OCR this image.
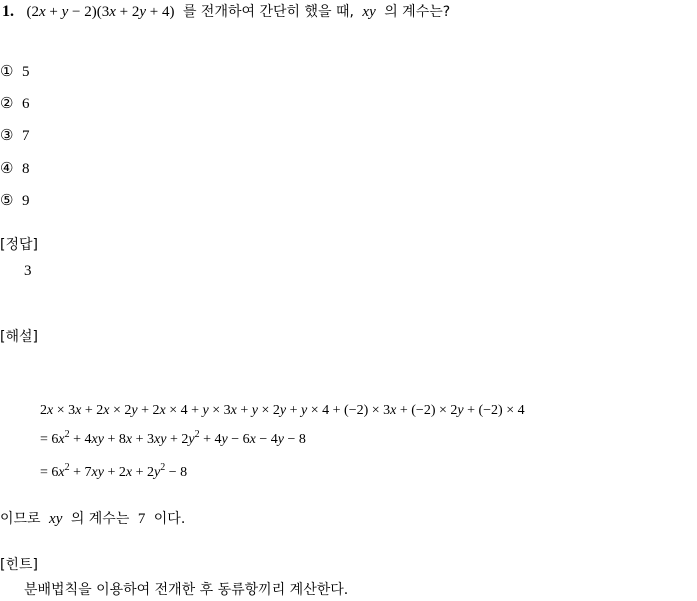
1. (2x + y − 2)(3x + 2y + 4) 를 전개하여 간단히 했을 때, xy 의 계수는?
① 5
② 6
③ 7
④ 8
⑤ 9
[정답]
3
[해설]
2x × 3x + 2x × 2y + 2x × 4 + y × 3x + y × 2y + y × 4 + (−2) × 3x + (−2) × 2y + (−2) × 4
= $6x^2 + 4xy + 8x + 3xy + 2y^2 + 4y - 6x - 4y - 8$
= $6x^2 + 7xy + 2x + 2y^2 - 8$
이므로 xy 의 계수는 7 이다.
[힌트]
분배법칙을 이용하여 전개한 후 동류항끼리 계산한다.
